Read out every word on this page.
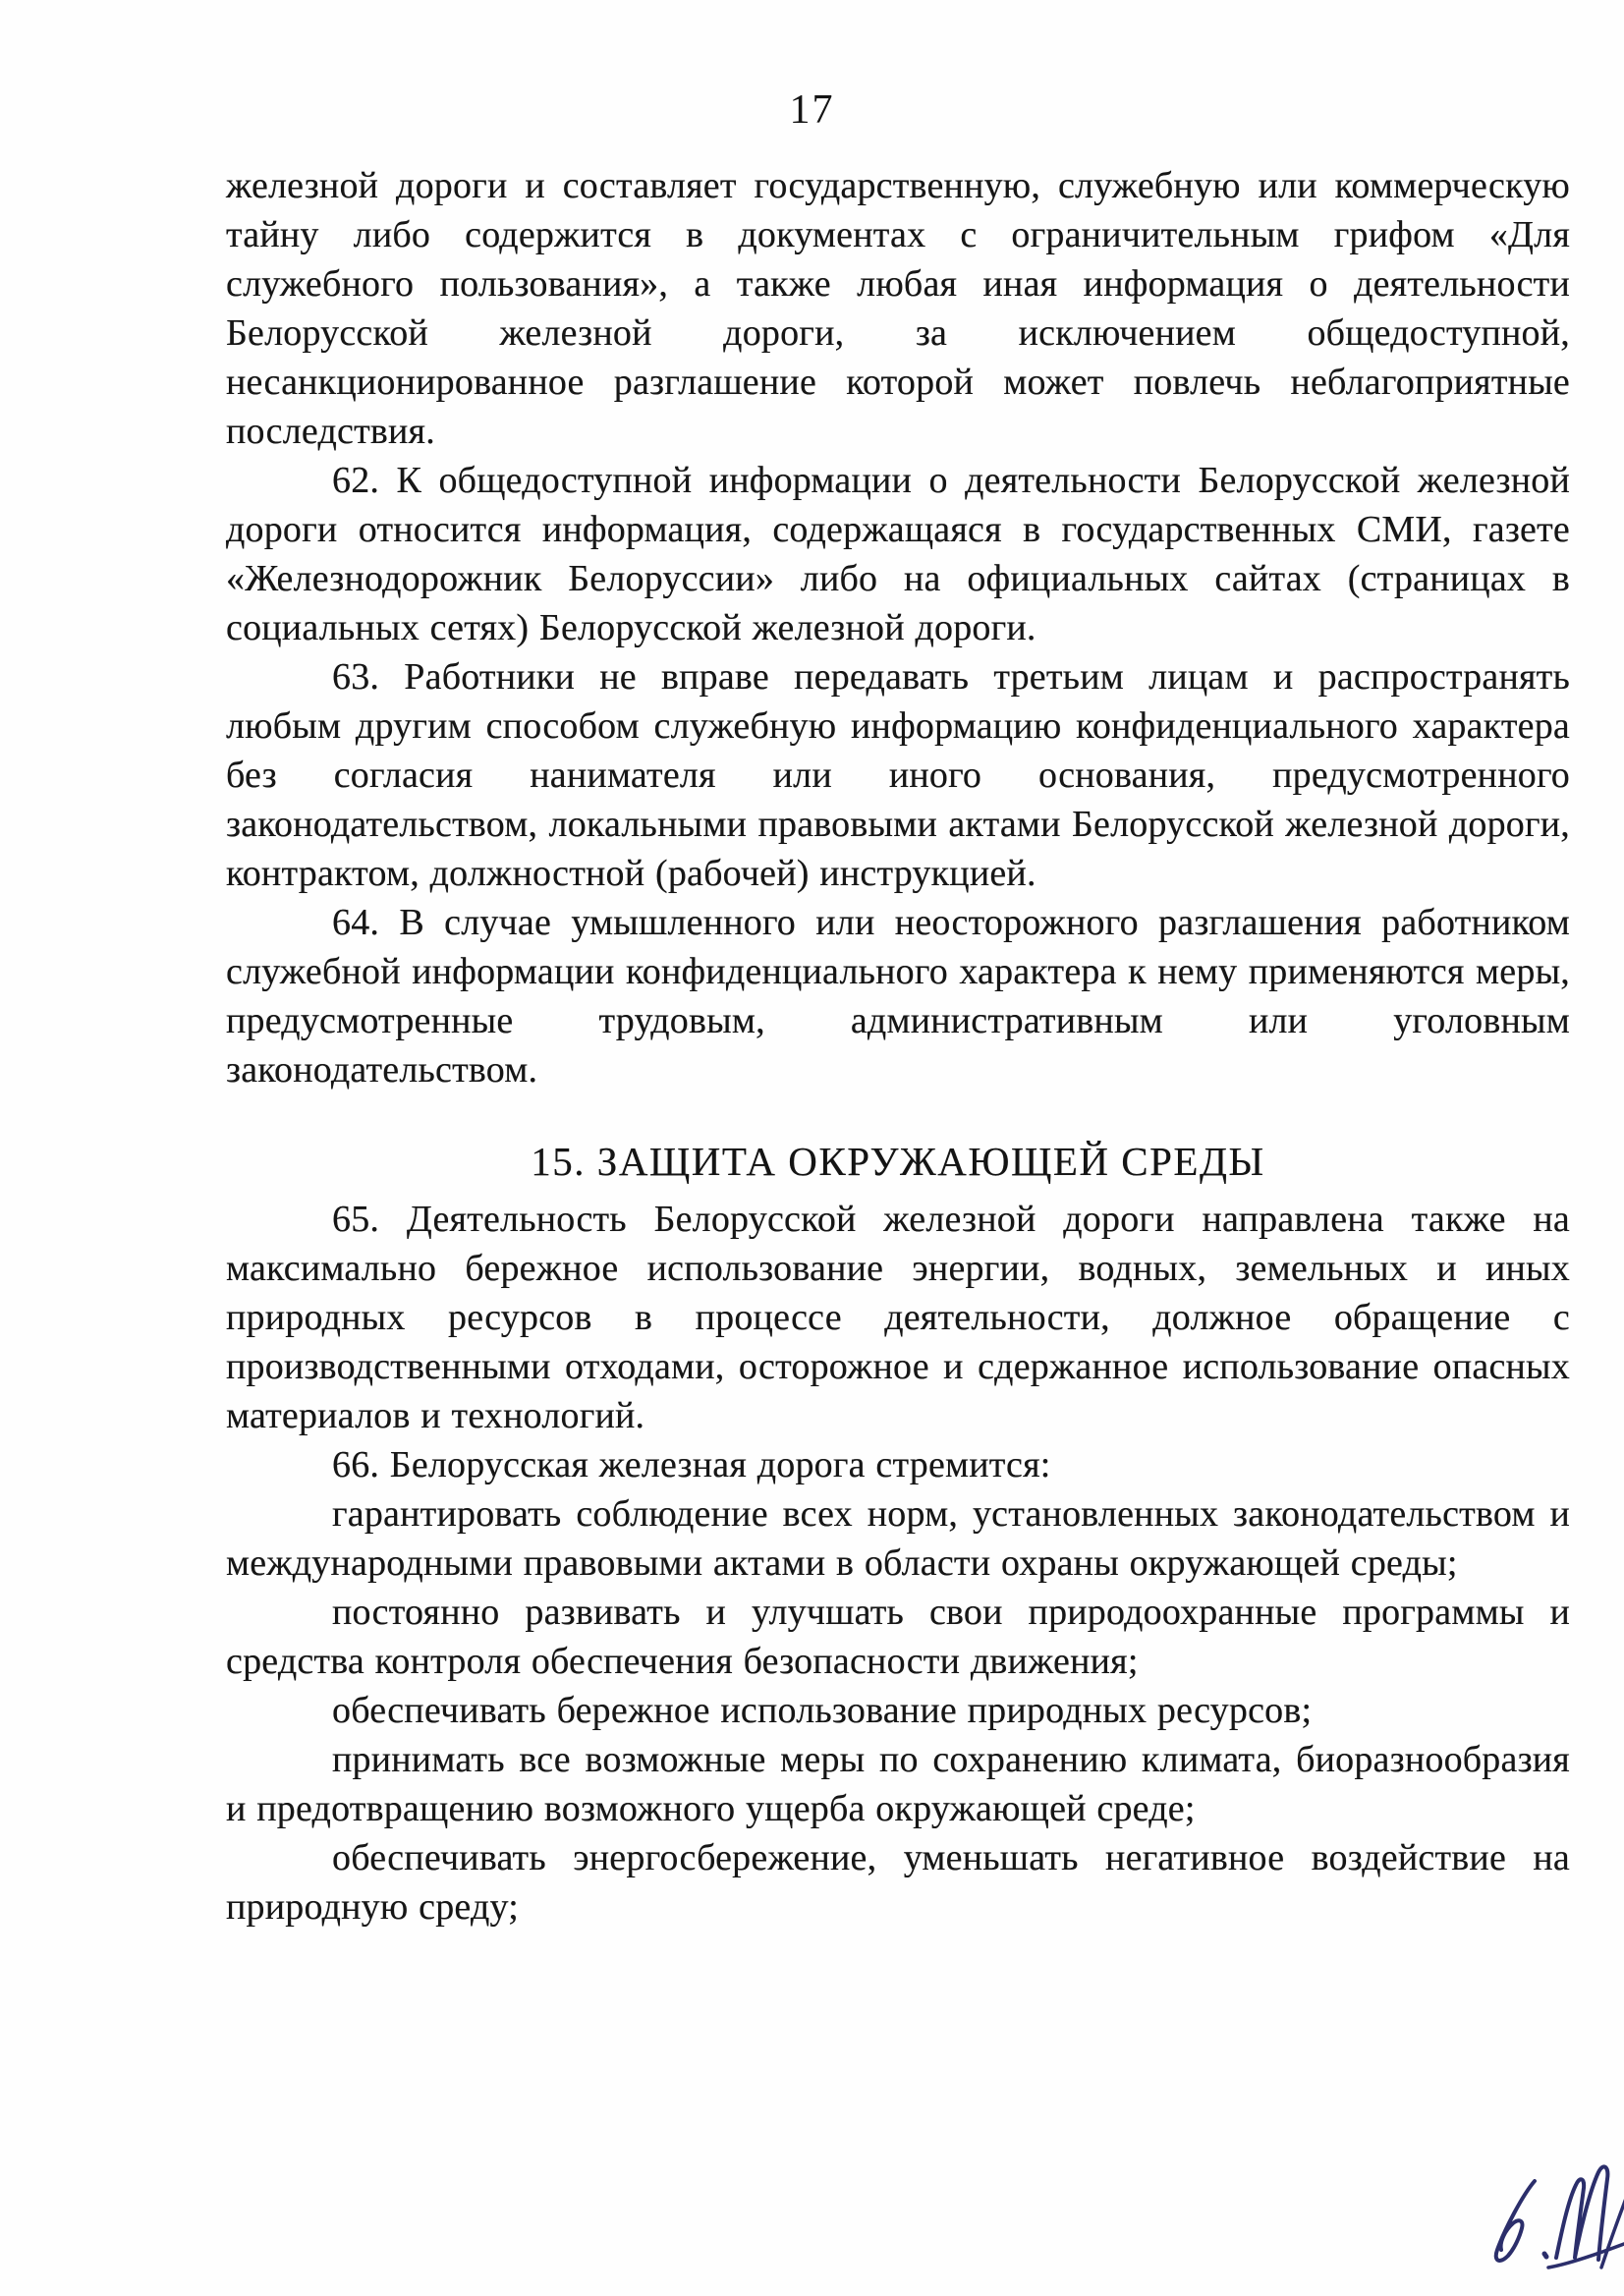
17

железной дороги и составляет государственную, служебную или коммерческую тайну либо содержится в документах с ограничительным грифом «Для служебного пользования», а также любая иная информация о деятельности Белорусской железной дороги, за исключением общедоступной, несанкционированное разглашение которой может повлечь неблагоприятные последствия.

62. К общедоступной информации о деятельности Белорусской железной дороги относится информация, содержащаяся в государственных СМИ, газете «Железнодорожник Белоруссии» либо на официальных сайтах (страницах в социальных сетях) Белорусской железной дороги.

63. Работники не вправе передавать третьим лицам и распространять любым другим способом служебную информацию конфиденциального характера без согласия нанимателя или иного основания, предусмотренного законодательством, локальными правовыми актами Белорусской железной дороги, контрактом, должностной (рабочей) инструкцией.

64. В случае умышленного или неосторожного разглашения работником служебной информации конфиденциального характера к нему применяются меры, предусмотренные трудовым, административным или уголовным законодательством.

15. ЗАЩИТА ОКРУЖАЮЩЕЙ СРЕДЫ

65. Деятельность Белорусской железной дороги направлена также на максимально бережное использование энергии, водных, земельных и иных природных ресурсов в процессе деятельности, должное обращение с производственными отходами, осторожное и сдержанное использование опасных материалов и технологий.

66. Белорусская железная дорога стремится:

гарантировать соблюдение всех норм, установленных законодательством и международными правовыми актами в области охраны окружающей среды;

постоянно развивать и улучшать свои природоохранные программы и средства контроля обеспечения безопасности движения;

обеспечивать бережное использование природных ресурсов;

принимать все возможные меры по сохранению климата, биоразнообразия и предотвращению возможного ущерба окружающей среде;

обеспечивать энергосбережение, уменьшать негативное воздействие на природную среду;
